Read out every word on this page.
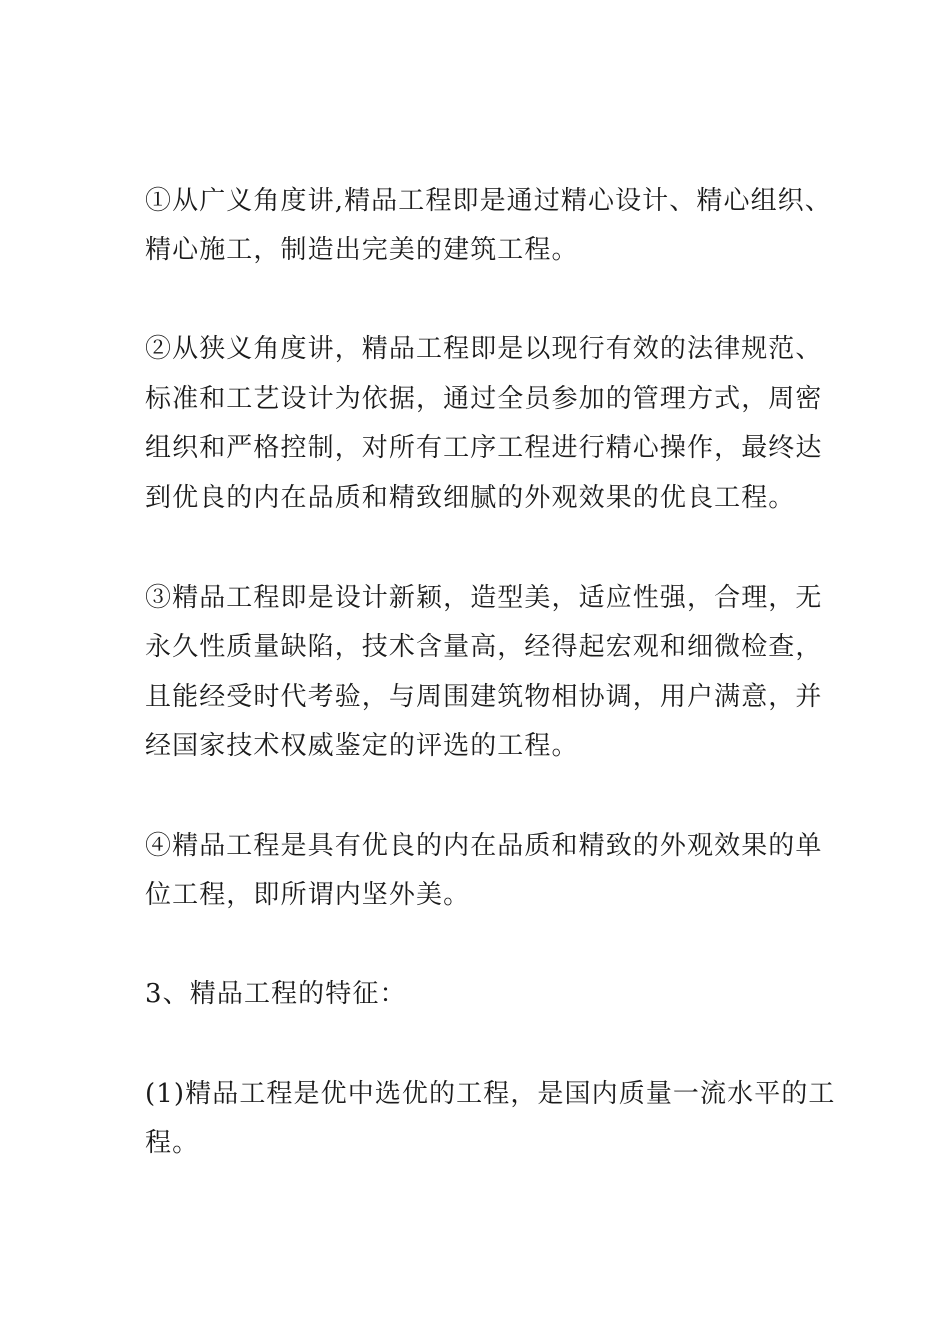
①从广义角度讲,精品工程即是通过精心设计、精心组织、

精心施工，制造出完美的建筑工程。

②从狭义角度讲，精品工程即是以现行有效的法律规范、

标准和工艺设计为依据，通过全员参加的管理方式，周密

组织和严格控制，对所有工序工程进行精心操作，最终达

到优良的内在品质和精致细腻的外观效果的优良工程。

③精品工程即是设计新颖，造型美，适应性强，合理，无

永久性质量缺陷，技术含量高，经得起宏观和细微检查，

且能经受时代考验，与周围建筑物相协调，用户满意，并

经国家技术权威鉴定的评选的工程。

④精品工程是具有优良的内在品质和精致的外观效果的单

位工程，即所谓内坚外美。

3、精品工程的特征：

(1)精品工程是优中选优的工程，是国内质量一流水平的工

程。
